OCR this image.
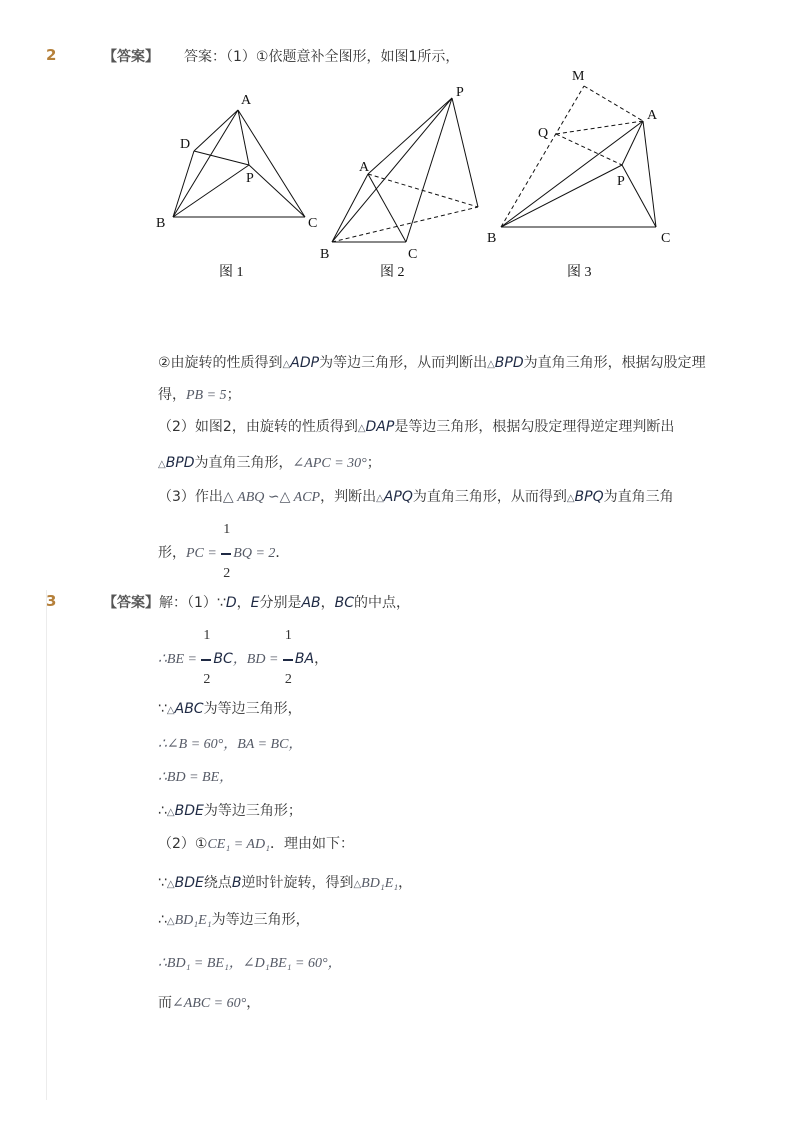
2	【答案】 答案：（1）①依题意补全图形，如图1所示，
A
D
P
B	C
P
A
B	C
M
A
Q
P
B	C
图 1	图 2	图 3
②由旋转的性质得到△ADP为等边三角形，从而判断出△BPD为直角三角形，根据勾股定理
得，PB = 5；
（2）如图2，由旋转的性质得到△DAP是等边三角形，根据勾股定理得逆定理判断出
△BPD为直角三角形，∠APC = 30°；
（3）作出△ ABQ ∽△ ACP，判断出△APQ为直角三角形，从而得到△BPQ为直角三角
形，PC = $\frac{1}{2}$ BQ = 2．
3	【答案】解：（1）∵D，E分别是AB，BC的中点，
∴BE = $\frac{1}{2}$ BC，BD = $\frac{1}{2}$ BA，
∵△ABC为等边三角形，
∴∠B = 60°，BA = BC，
∴BD = BE，
∴△BDE为等边三角形；
（2）①CE₁ = AD₁．理由如下：
∵△BDE绕点B逆时针旋转，得到△BD₁E₁，
∴△BD₁E₁为等边三角形，
∴BD₁ = BE₁，∠D₁BE₁ = 60°，
而∠ABC = 60°，
